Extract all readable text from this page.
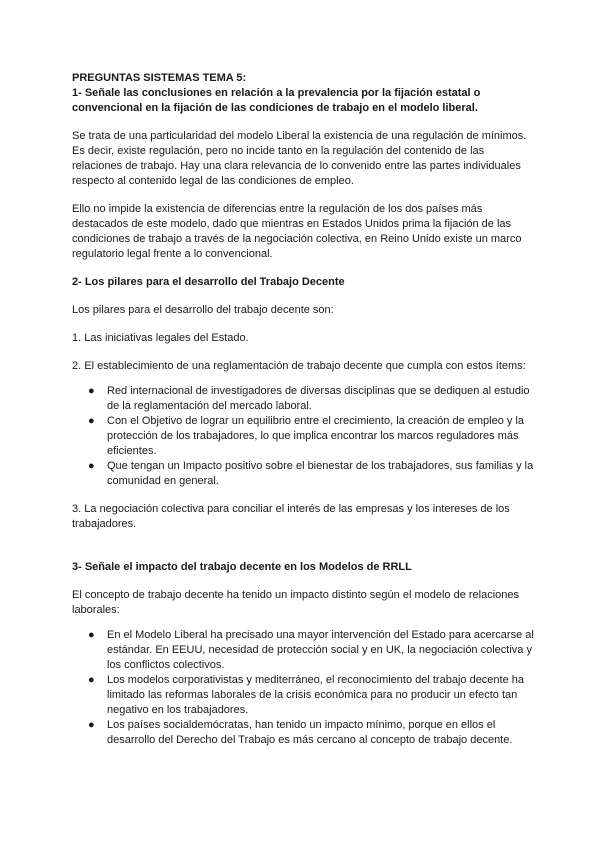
PREGUNTAS SISTEMAS TEMA 5:

1- Señale las conclusiones en relación a la prevalencia por la fijación estatal o convencional en la fijación de las condiciones de trabajo en el modelo liberal.

Se trata de una particularidad del modelo Liberal la existencia de una regulación de mínimos. Es decir, existe regulación, pero no incide tanto en la regulación del contenido de las relaciones de trabajo. Hay una clara relevancia de lo convenido entre las partes individuales respecto al contenido legal de las condiciones de empleo.

Ello no impide la existencia de diferencias entre la regulación de los dos países más destacados de este modelo, dado que mientras en Estados Unidos prima la fijación de las condiciones de trabajo a través de la negociación colectiva, en Reino Unido existe un marco regulatorio legal frente a lo convencional.

2- Los pilares para el desarrollo del Trabajo Decente

Los pilares para el desarrollo del trabajo decente son:

1. Las iniciativas legales del Estado.

2. El establecimiento de una reglamentación de trabajo decente que cumpla con estos ítems:

● Red internacional de investigadores de diversas disciplinas que se dediquen al estudio de la reglamentación del mercado laboral.
● Con el Objetivo de lograr un equilibrio entre el crecimiento, la creación de empleo y la protección de los trabajadores, lo que implica encontrar los marcos reguladores más eficientes.
● Que tengan un Impacto positivo sobre el bienestar de los trabajadores, sus familias y la comunidad en general.

3. La negociación colectiva para conciliar el interés de las empresas y los intereses de los trabajadores.

3- Señale el impacto del trabajo decente en los Modelos de RRLL

El concepto de trabajo decente ha tenido un impacto distinto según el modelo de relaciones laborales:

● En el Modelo Liberal ha precisado una mayor intervención del Estado para acercarse al estándar. En EEUU, necesidad de protección social y en UK, la negociación colectiva y los conflictos colectivos.
● Los modelos corporativistas y mediterráneo, el reconocimiento del trabajo decente ha limitado las reformas laborales de la crisis económica para no producir un efecto tan negativo en los trabajadores.
● Los países socialdemócratas, han tenido un impacto mínimo, porque en ellos el desarrollo del Derecho del Trabajo es más cercano al concepto de trabajo decente.
